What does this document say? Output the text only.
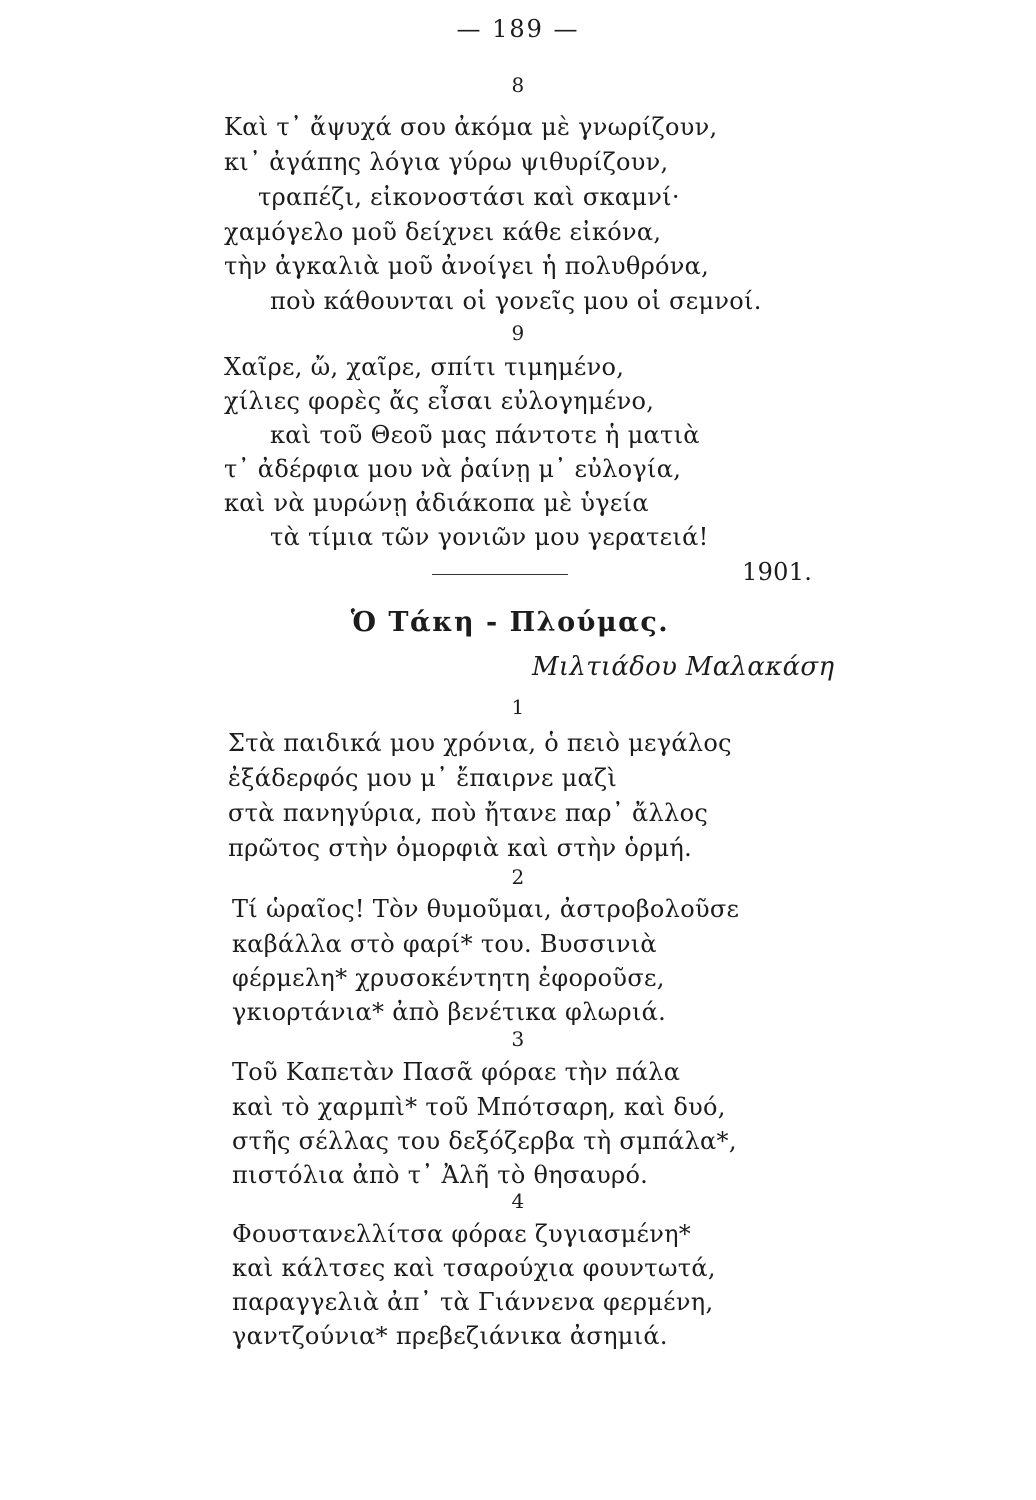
— 189 —
8
Καὶ τ᾽ ἄψυχά σου ἀκόμα μὲ γνωρίζουν,
κι᾽ ἀγάπης λόγια γύρω ψιθυρίζουν,
τραπέζι, εἰκονοστάσι καὶ σκαμνί·
χαμόγελο μοῦ δείχνει κάθε εἰκόνα,
τὴν ἀγκαλιὰ μοῦ ἀνοίγει ἡ πολυθρόνα,
ποὺ κάθουνται οἱ γονεῖς μου οἱ σεμνοί.
9
Χαῖρε, ὤ, χαῖρε, σπίτι τιμημένο,
χίλιες φορὲς ἄς εἶσαι εὐλογημένο,
καὶ τοῦ Θεοῦ μας πάντοτε ἡ ματιὰ
τ᾽ ἀδέρφια μου νὰ ῥαίνῃ μ᾽ εὐλογία,
καὶ νὰ μυρώνῃ ἀδιάκοπα μὲ ὑγεία
τὰ τίμια τῶν γονιῶν μου γερατειά!
1901.
Ὁ Τάκη - Πλούμας.
Μιλτιάδου Μαλακάση
1
Στὰ παιδικά μου χρόνια, ὁ πειὸ μεγάλος
ἐξάδερφός μου μ᾽ ἔπαιρνε μαζὶ
στὰ πανηγύρια, ποὺ ἤτανε παρ᾽ ἄλλος
πρῶτος στὴν ὀμορφιὰ καὶ στὴν ὁρμή.
2
Τί ὡραῖος! Τὸν θυμοῦμαι, ἀστροβολοῦσε
καβάλλα στὸ φαρί* του. Βυσσινιὰ
φέρμελη* χρυσοκέντητη ἐφοροῦσε,
γκιορτάνια* ἀπὸ βενέτικα φλωριά.
3
Τοῦ Καπετὰν Πασᾶ φόραε τὴν πάλα
καὶ τὸ χαρμπὶ* τοῦ Μπότσαρη, καὶ δυό,
στῆς σέλλας του δεξόζερβα τὴ σμπάλα*,
πιστόλια ἀπὸ τ᾽ Ἀλῆ τὸ θησαυρό.
4
Φουστανελλίτσα φόραε ζυγιασμένη*
καὶ κάλτσες καὶ τσαρούχια φουντωτά,
παραγγελιὰ ἀπ᾽ τὰ Γιάννενα φερμένη,
γαντζούνια* πρεβεζιάνικα ἀσημιά.
